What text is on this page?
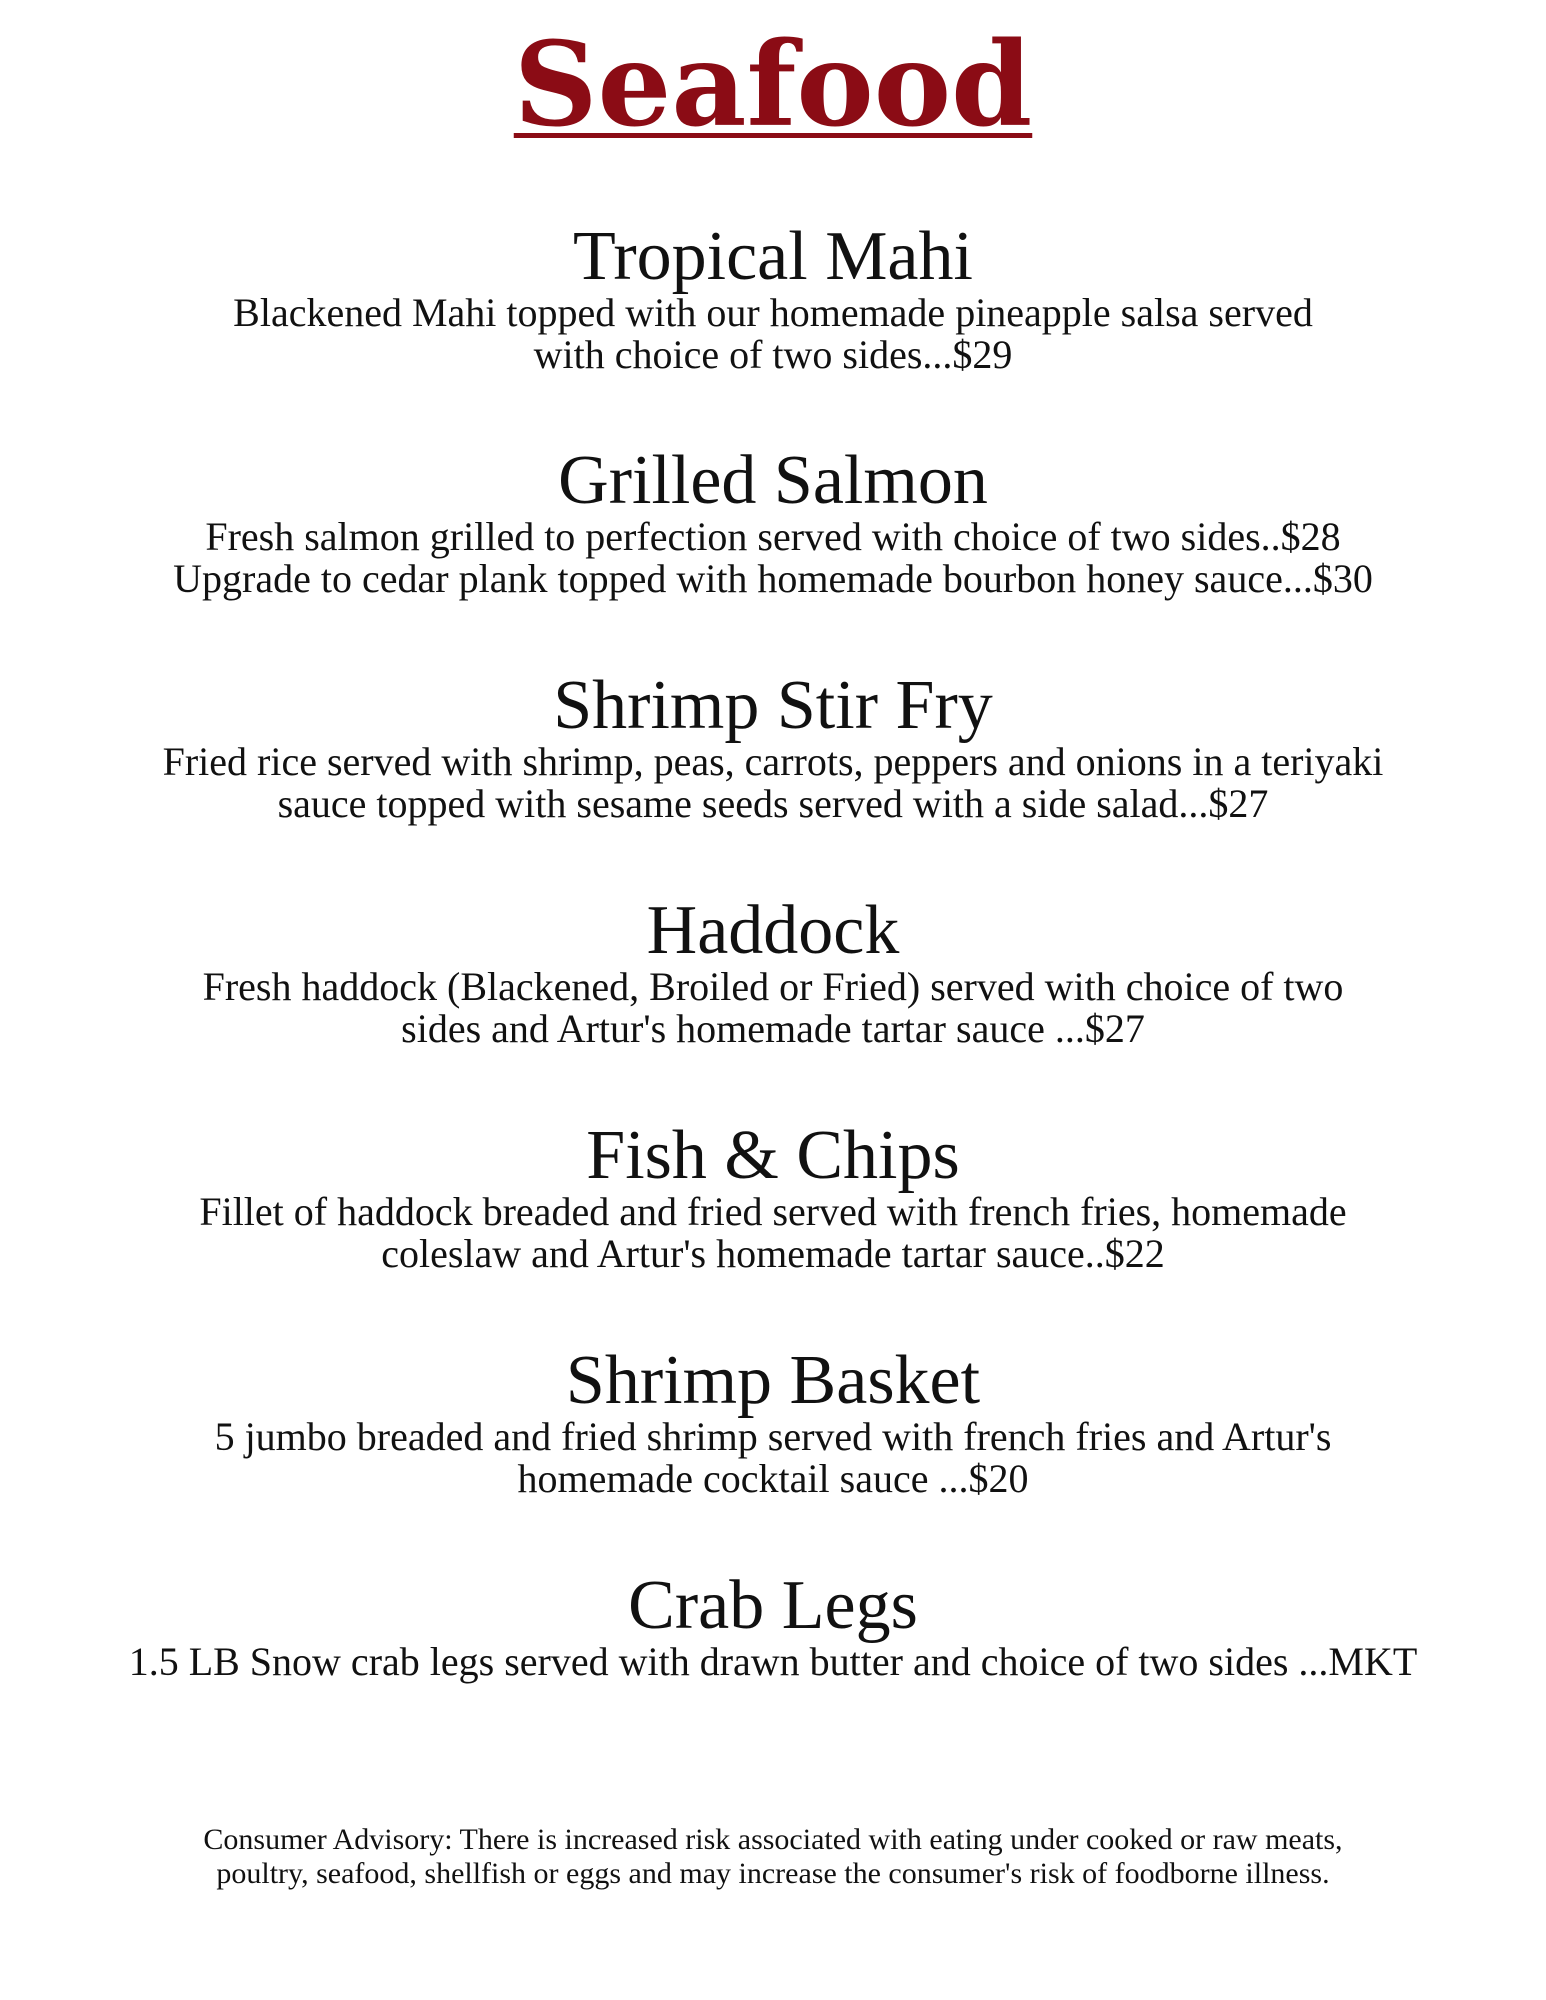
Seafood
Tropical Mahi

Blackened Mahi topped with our homemade pineapple salsa served
with choice of two sides...$29

Grilled Salmon

Fresh salmon grilled to perfection served with choice of two sides..$28
Upgrade to cedar plank topped with homemade bourbon honey sauce...$30

Shrimp Stir Fry

Fried rice served with shrimp, peas, carrots, peppers and onions in a teriyaki
sauce topped with sesame seeds served with a side salad...$27

Haddock

Fresh haddock (Blackened, Broiled or Fried) served with choice of two
sides and Artur's homemade tartar sauce ...$27

Fish & Chips

Fillet of haddock breaded and fried served with french fries, homemade
coleslaw and Artur's homemade tartar sauce..$22

Shrimp Basket

5 jumbo breaded and fried shrimp served with french fries and Artur's
homemade cocktail sauce ...$20

Crab Legs

1.5 LB Snow crab legs served with drawn butter and choice of two sides ...MKT

Consumer Advisory: There is increased risk associated with eating under cooked or raw meats,
poultry, seafood, shellfish or eggs and may increase the consumer's risk of foodborne illness.
